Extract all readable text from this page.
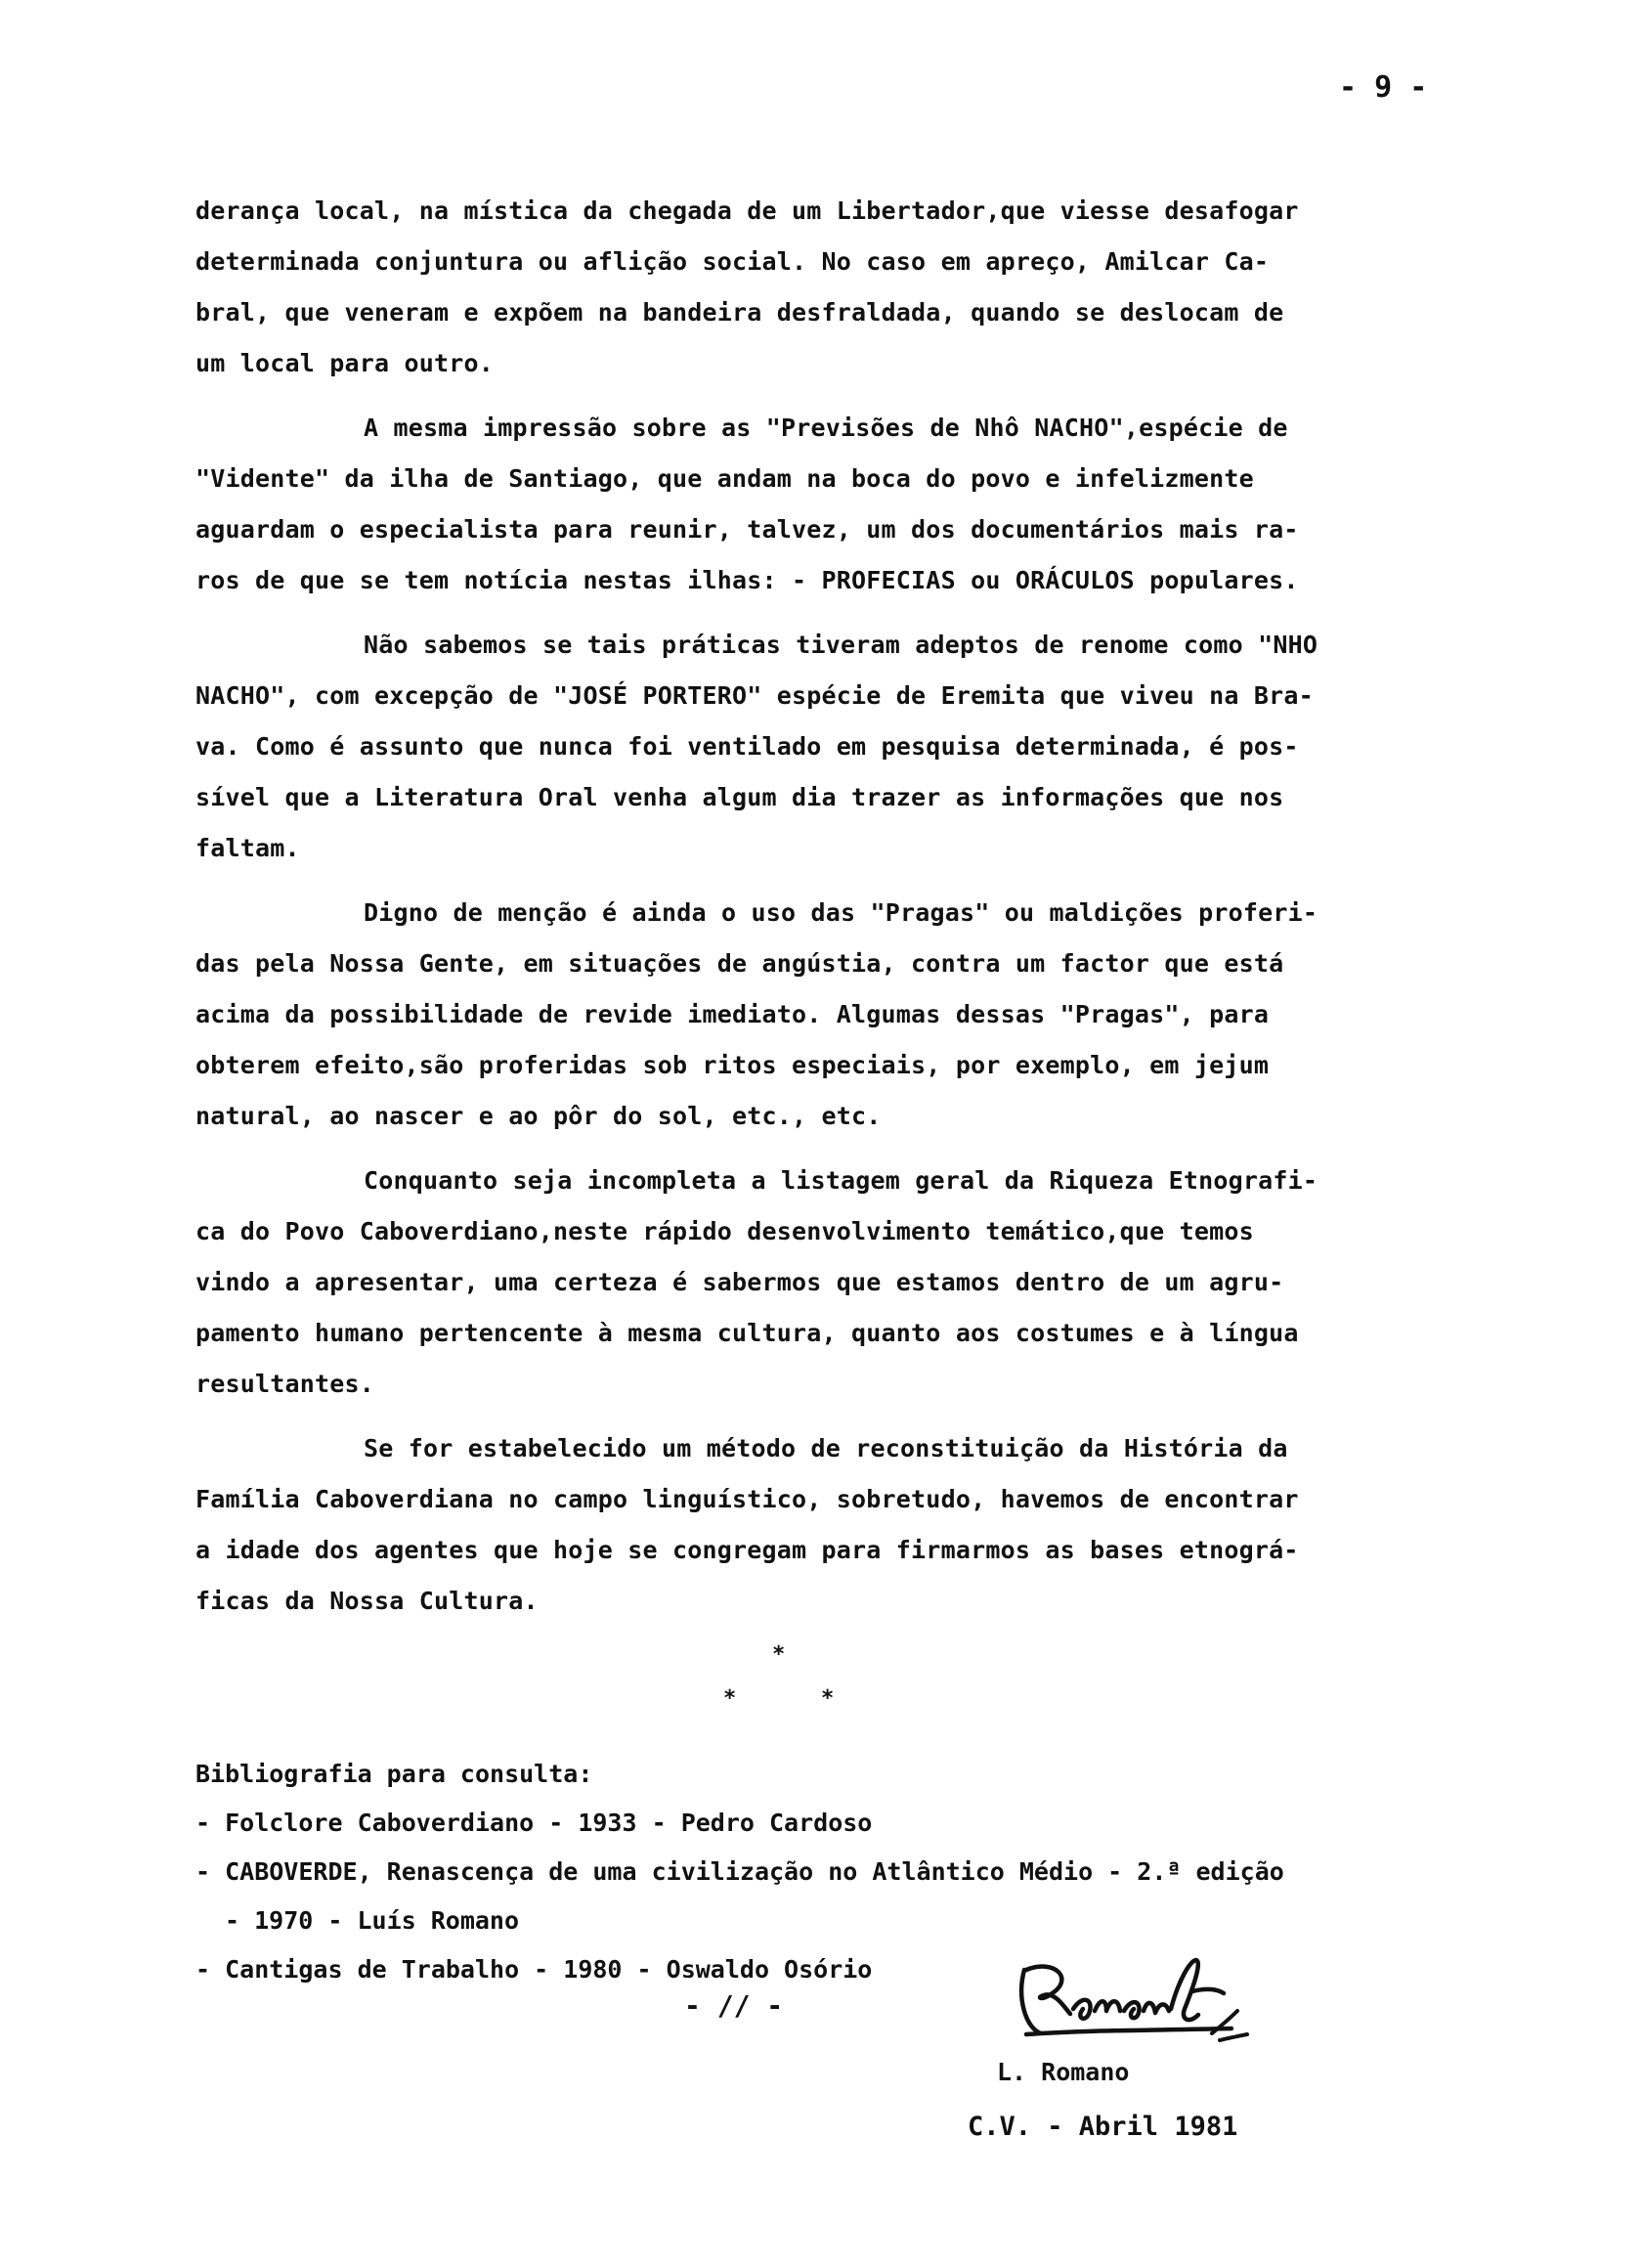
- 9 -

derança local, na mística da chegada de um Libertador,que viesse desafogar
determinada conjuntura ou aflição social. No caso em apreço, Amilcar Ca-
bral, que veneram e expõem na bandeira desfraldada, quando se deslocam de
um local para outro.

A mesma impressão sobre as "Previsões de Nhô NACHO",espécie de
"Vidente" da ilha de Santiago, que andam na boca do povo e infelizmente
aguardam o especialista para reunir, talvez, um dos documentários mais ra-
ros de que se tem notícia nestas ilhas: - PROFECIAS ou ORÁCULOS populares.

Não sabemos se tais práticas tiveram adeptos de renome como "NHO
NACHO", com excepção de "JOSÉ PORTERO" espécie de Eremita que viveu na Bra-
va. Como é assunto que nunca foi ventilado em pesquisa determinada, é pos-
sível que a Literatura Oral venha algum dia trazer as informações que nos
faltam.

Digno de menção é ainda o uso das "Pragas" ou maldições proferi-
das pela Nossa Gente, em situações de angústia, contra um factor que está
acima da possibilidade de revide imediato. Algumas dessas "Pragas", para
obterem efeito,são proferidas sob ritos especiais, por exemplo, em jejum
natural, ao nascer e ao pôr do sol, etc., etc.

Conquanto seja incompleta a listagem geral da Riqueza Etnografi-
ca do Povo Caboverdiano,neste rápido desenvolvimento temático,que temos
vindo a apresentar, uma certeza é sabermos que estamos dentro de um agru-
pamento humano pertencente à mesma cultura, quanto aos costumes e à língua
resultantes.

Se for estabelecido um método de reconstituição da História da
Família Caboverdiana no campo linguístico, sobretudo, havemos de encontrar
a idade dos agentes que hoje se congregam para firmarmos as bases etnográ-
ficas da Nossa Cultura.

*
*	*
Bibliografia para consulta:
- Folclore Caboverdiano - 1933 - Pedro Cardoso
- CABOVERDE, Renascença de uma civilização no Atlântico Médio - 2.ª edição
- 1970 - Luís Romano
- Cantigas de Trabalho - 1980 - Oswaldo Osório
- // -
L. Romano
C.V. - Abril 1981
